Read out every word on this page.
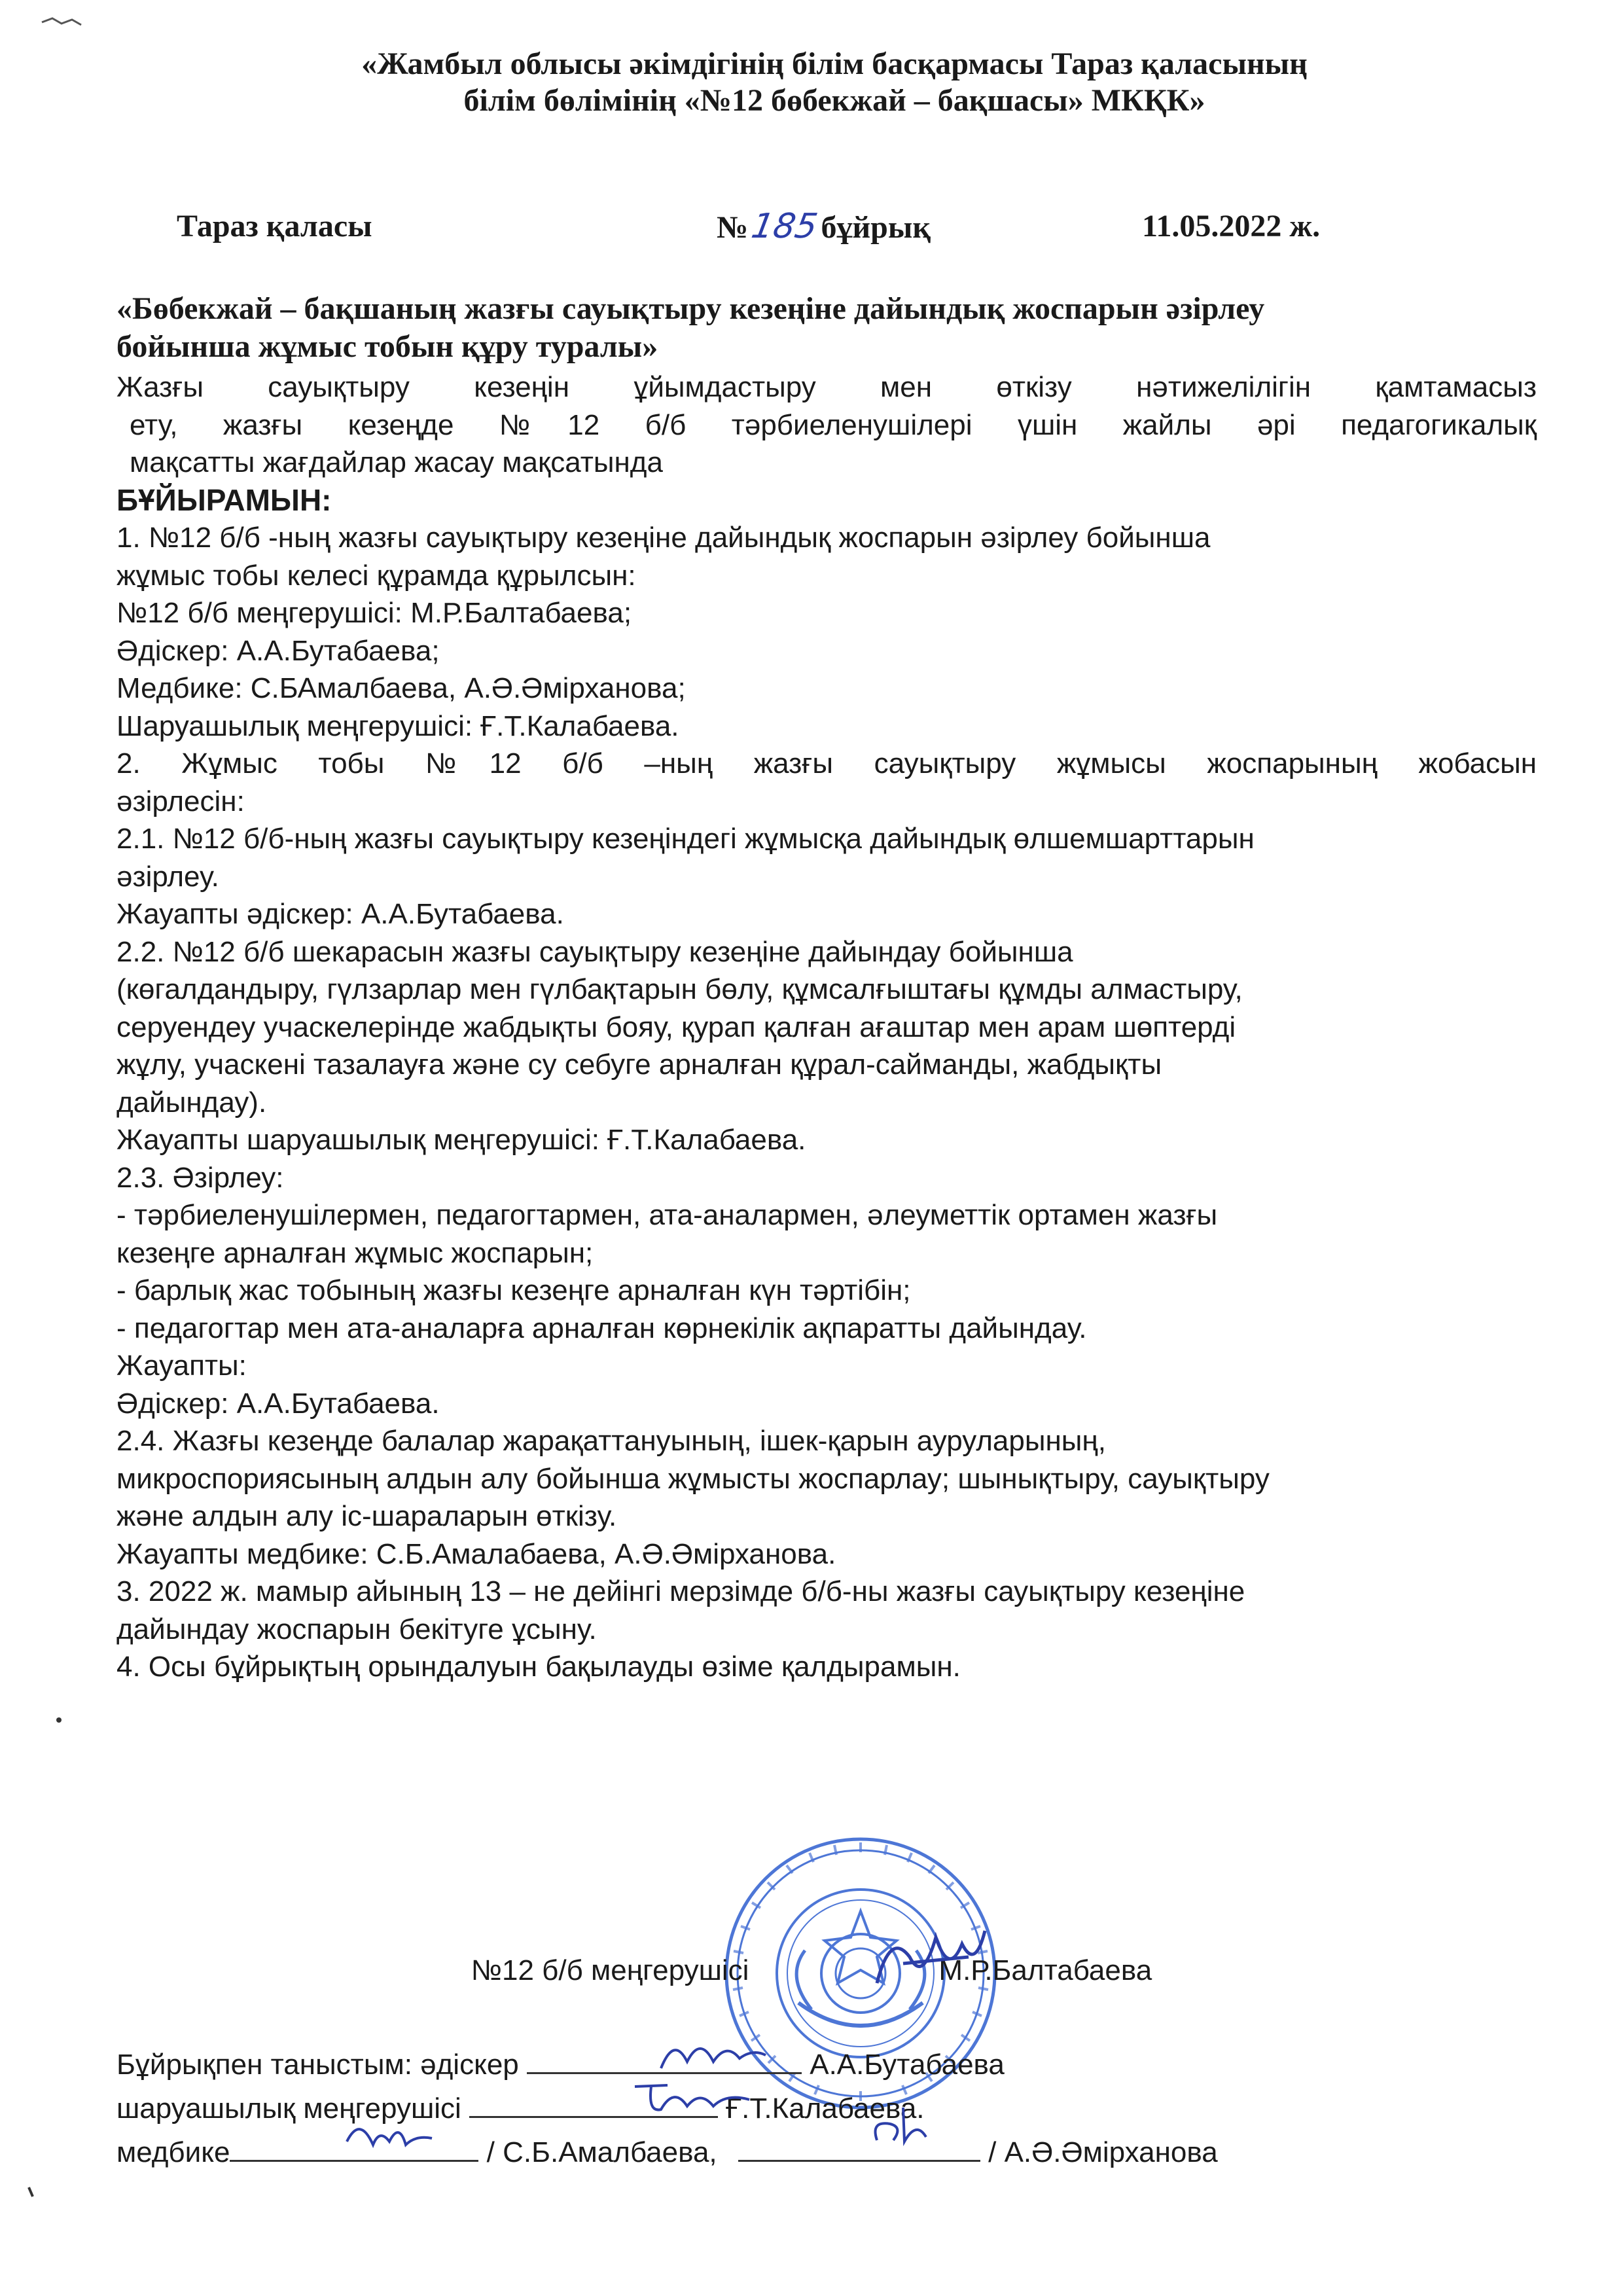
«Жамбыл облысы әкімдігінің білім басқармасы Тараз қаласының
білім бөлімінің «№12 бөбекжай – бақшасы» МКҚК»
Тараз қаласы	№185бұйрық	11.05.2022 ж.
«Бөбекжай – бақшаның жазғы сауықтыру кезеңіне дайындық жоспарын әзірлеу
бойынша жұмыс тобын құру туралы»
Жазғы сауықтыру кезеңін ұйымдастыру мен өткізу нәтижелілігін қамтамасыз
ету, жазғы кезеңде №12 б/б тәрбиеленушілері үшін жайлы әрі педагогикалық
мақсатты жағдайлар жасау мақсатында
БҰЙЫРАМЫН:
1. №12 б/б -ның жазғы сауықтыру кезеңіне дайындық жоспарын әзірлеу бойынша
жұмыс тобы келесі құрамда құрылсын:
№12 б/б меңгерушісі: М.Р.Балтабаева;
Әдіскер: А.А.Бутабаева;
Медбике: С.БАмалбаева, А.Ә.Әмірханова;
Шаруашылық меңгерушісі: Ғ.Т.Калабаева.
2. Жұмыс тобы №12 б/б –ның жазғы сауықтыру жұмысы жоспарының жобасын
әзірлесін:
2.1. №12 б/б-ның жазғы сауықтыру кезеңіндегі жұмысқа дайындық өлшемшарттарын
әзірлеу.
Жауапты әдіскер: А.А.Бутабаева.
2.2. №12 б/б шекарасын жазғы сауықтыру кезеңіне дайындау бойынша
(көгалдандыру, гүлзарлар мен гүлбақтарын бөлу, құмсалғыштағы құмды алмастыру,
серуендеу учаскелерінде жабдықты бояу, қурап қалған ағаштар мен арам шөптерді
жұлу, учаскені тазалауға және су себуге арналған құрал-сайманды, жабдықты
дайындау).
Жауапты шаруашылық меңгерушісі: Ғ.Т.Калабаева.
2.3. Әзірлеу:
- тәрбиеленушілермен, педагогтармен, ата-аналармен, әлеуметтік ортамен жазғы
кезеңге арналған жұмыс жоспарын;
- барлық жас тобының жазғы кезеңге арналған күн тәртібін;
- педагогтар мен ата-аналарға арналған көрнекілік ақпаратты дайындау.
Жауапты:
Әдіскер: А.А.Бутабаева.
2.4. Жазғы кезеңде балалар жарақаттануының, ішек-қарын ауруларының,
микроспориясының алдын алу бойынша жұмысты жоспарлау; шынықтыру, сауықтыру
және алдын алу іс-шараларын өткізу.
Жауапты медбике: С.Б.Амалабаева, А.Ә.Әмірханова.
3. 2022 ж. мамыр айының 13 – не дейінгі мерзімде б/б-ны жазғы сауықтыру кезеңіне
дайындау жоспарын бекітуге ұсыну.
4. Осы бұйрықтың орындалуын бақылауды өзіме қалдырамын.
№12 б/б меңгерушісі	М.Р.Балтабаева
Бұйрықпен таныстым: әдіскер	А.А.Бутабаева
шаруашылық меңгерушісі	Ғ.Т.Калабаева.
медбике	/ С.Б.Амалбаева,	/ А.Ә.Әмірханова
